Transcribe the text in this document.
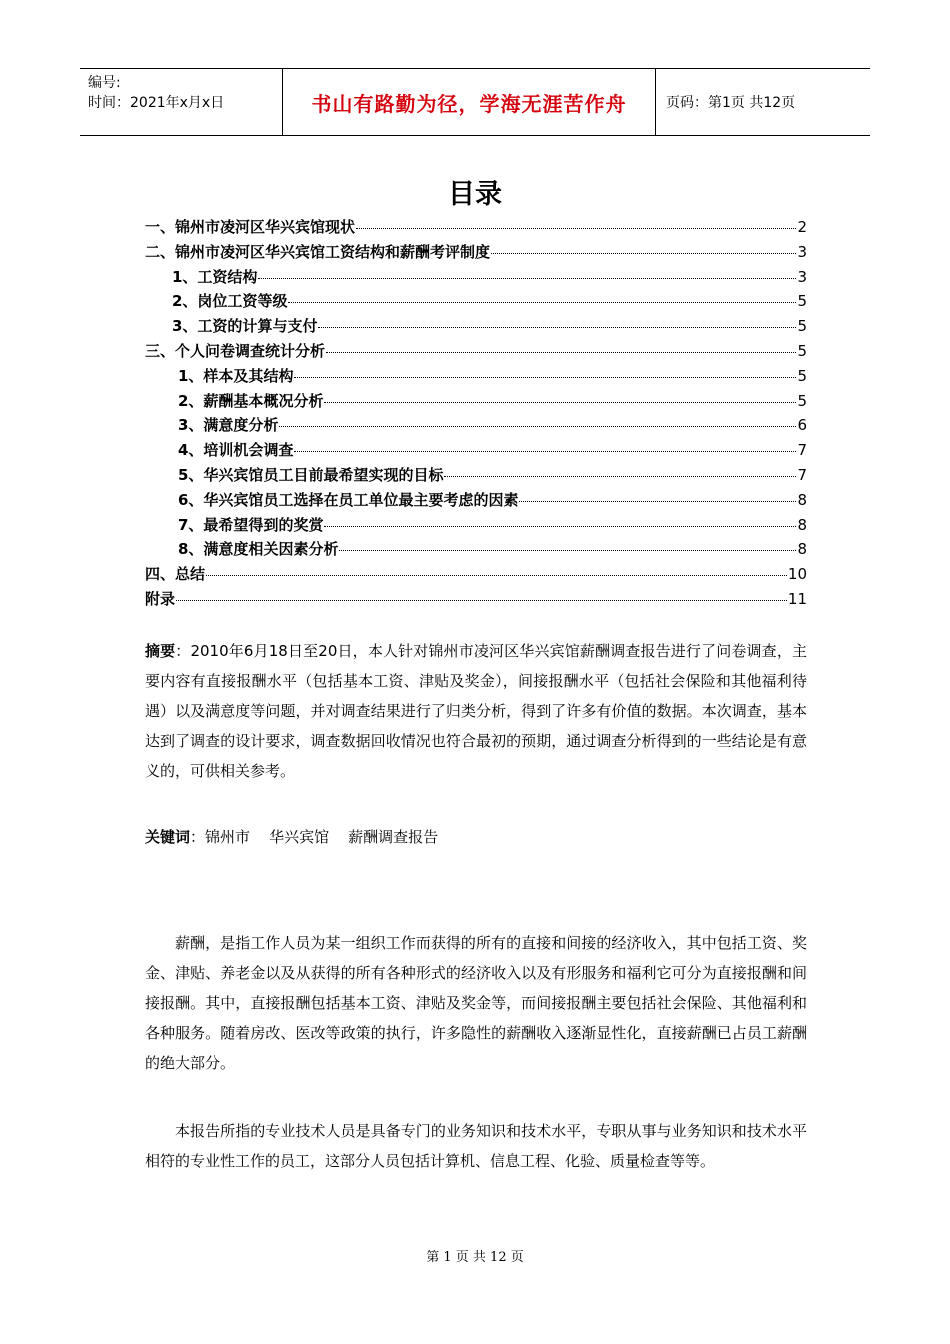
编号:
时间：2021年x月x日	书山有路勤为径，学海无涯苦作舟	页码：第1页 共12页
目录
一、锦州市凌河区华兴宾馆现状	2
二、锦州市凌河区华兴宾馆工资结构和薪酬考评制度	3
1、工资结构	3
2、岗位工资等级	5
3、工资的计算与支付	5
三、个人问卷调查统计分析	5
1、样本及其结构	5
2、薪酬基本概况分析	5
3、满意度分析	6
4、培训机会调查	7
5、华兴宾馆员工目前最希望实现的目标	7
6、华兴宾馆员工选择在员工单位最主要考虑的因素	8
7、最希望得到的奖赏	8
8、满意度相关因素分析	8
四、总结	10
附录	11
摘要：2010年6月18日至20日，本人针对锦州市凌河区华兴宾馆薪酬调查报告进行了问卷调查，主要内容有直接报酬水平（包括基本工资、津贴及奖金），间接报酬水平（包括社会保险和其他福利待遇）以及满意度等问题，并对调查结果进行了归类分析，得到了许多有价值的数据。本次调查，基本达到了调查的设计要求，调查数据回收情况也符合最初的预期，通过调查分析得到的一些结论是有意义的，可供相关参考。
关键词：锦州市    华兴宾馆    薪酬调查报告
薪酬，是指工作人员为某一组织工作而获得的所有的直接和间接的经济收入，其中包括工资、奖金、津贴、养老金以及从获得的所有各种形式的经济收入以及有形服务和福利它可分为直接报酬和间接报酬。其中，直接报酬包括基本工资、津贴及奖金等，而间接报酬主要包括社会保险、其他福利和各种服务。随着房改、医改等政策的执行，许多隐性的薪酬收入逐渐显性化，直接薪酬已占员工薪酬的绝大部分。
本报告所指的专业技术人员是具备专门的业务知识和技术水平，专职从事与业务知识和技术水平相符的专业性工作的员工，这部分人员包括计算机、信息工程、化验、质量检查等等。
第 1 页 共 12 页
